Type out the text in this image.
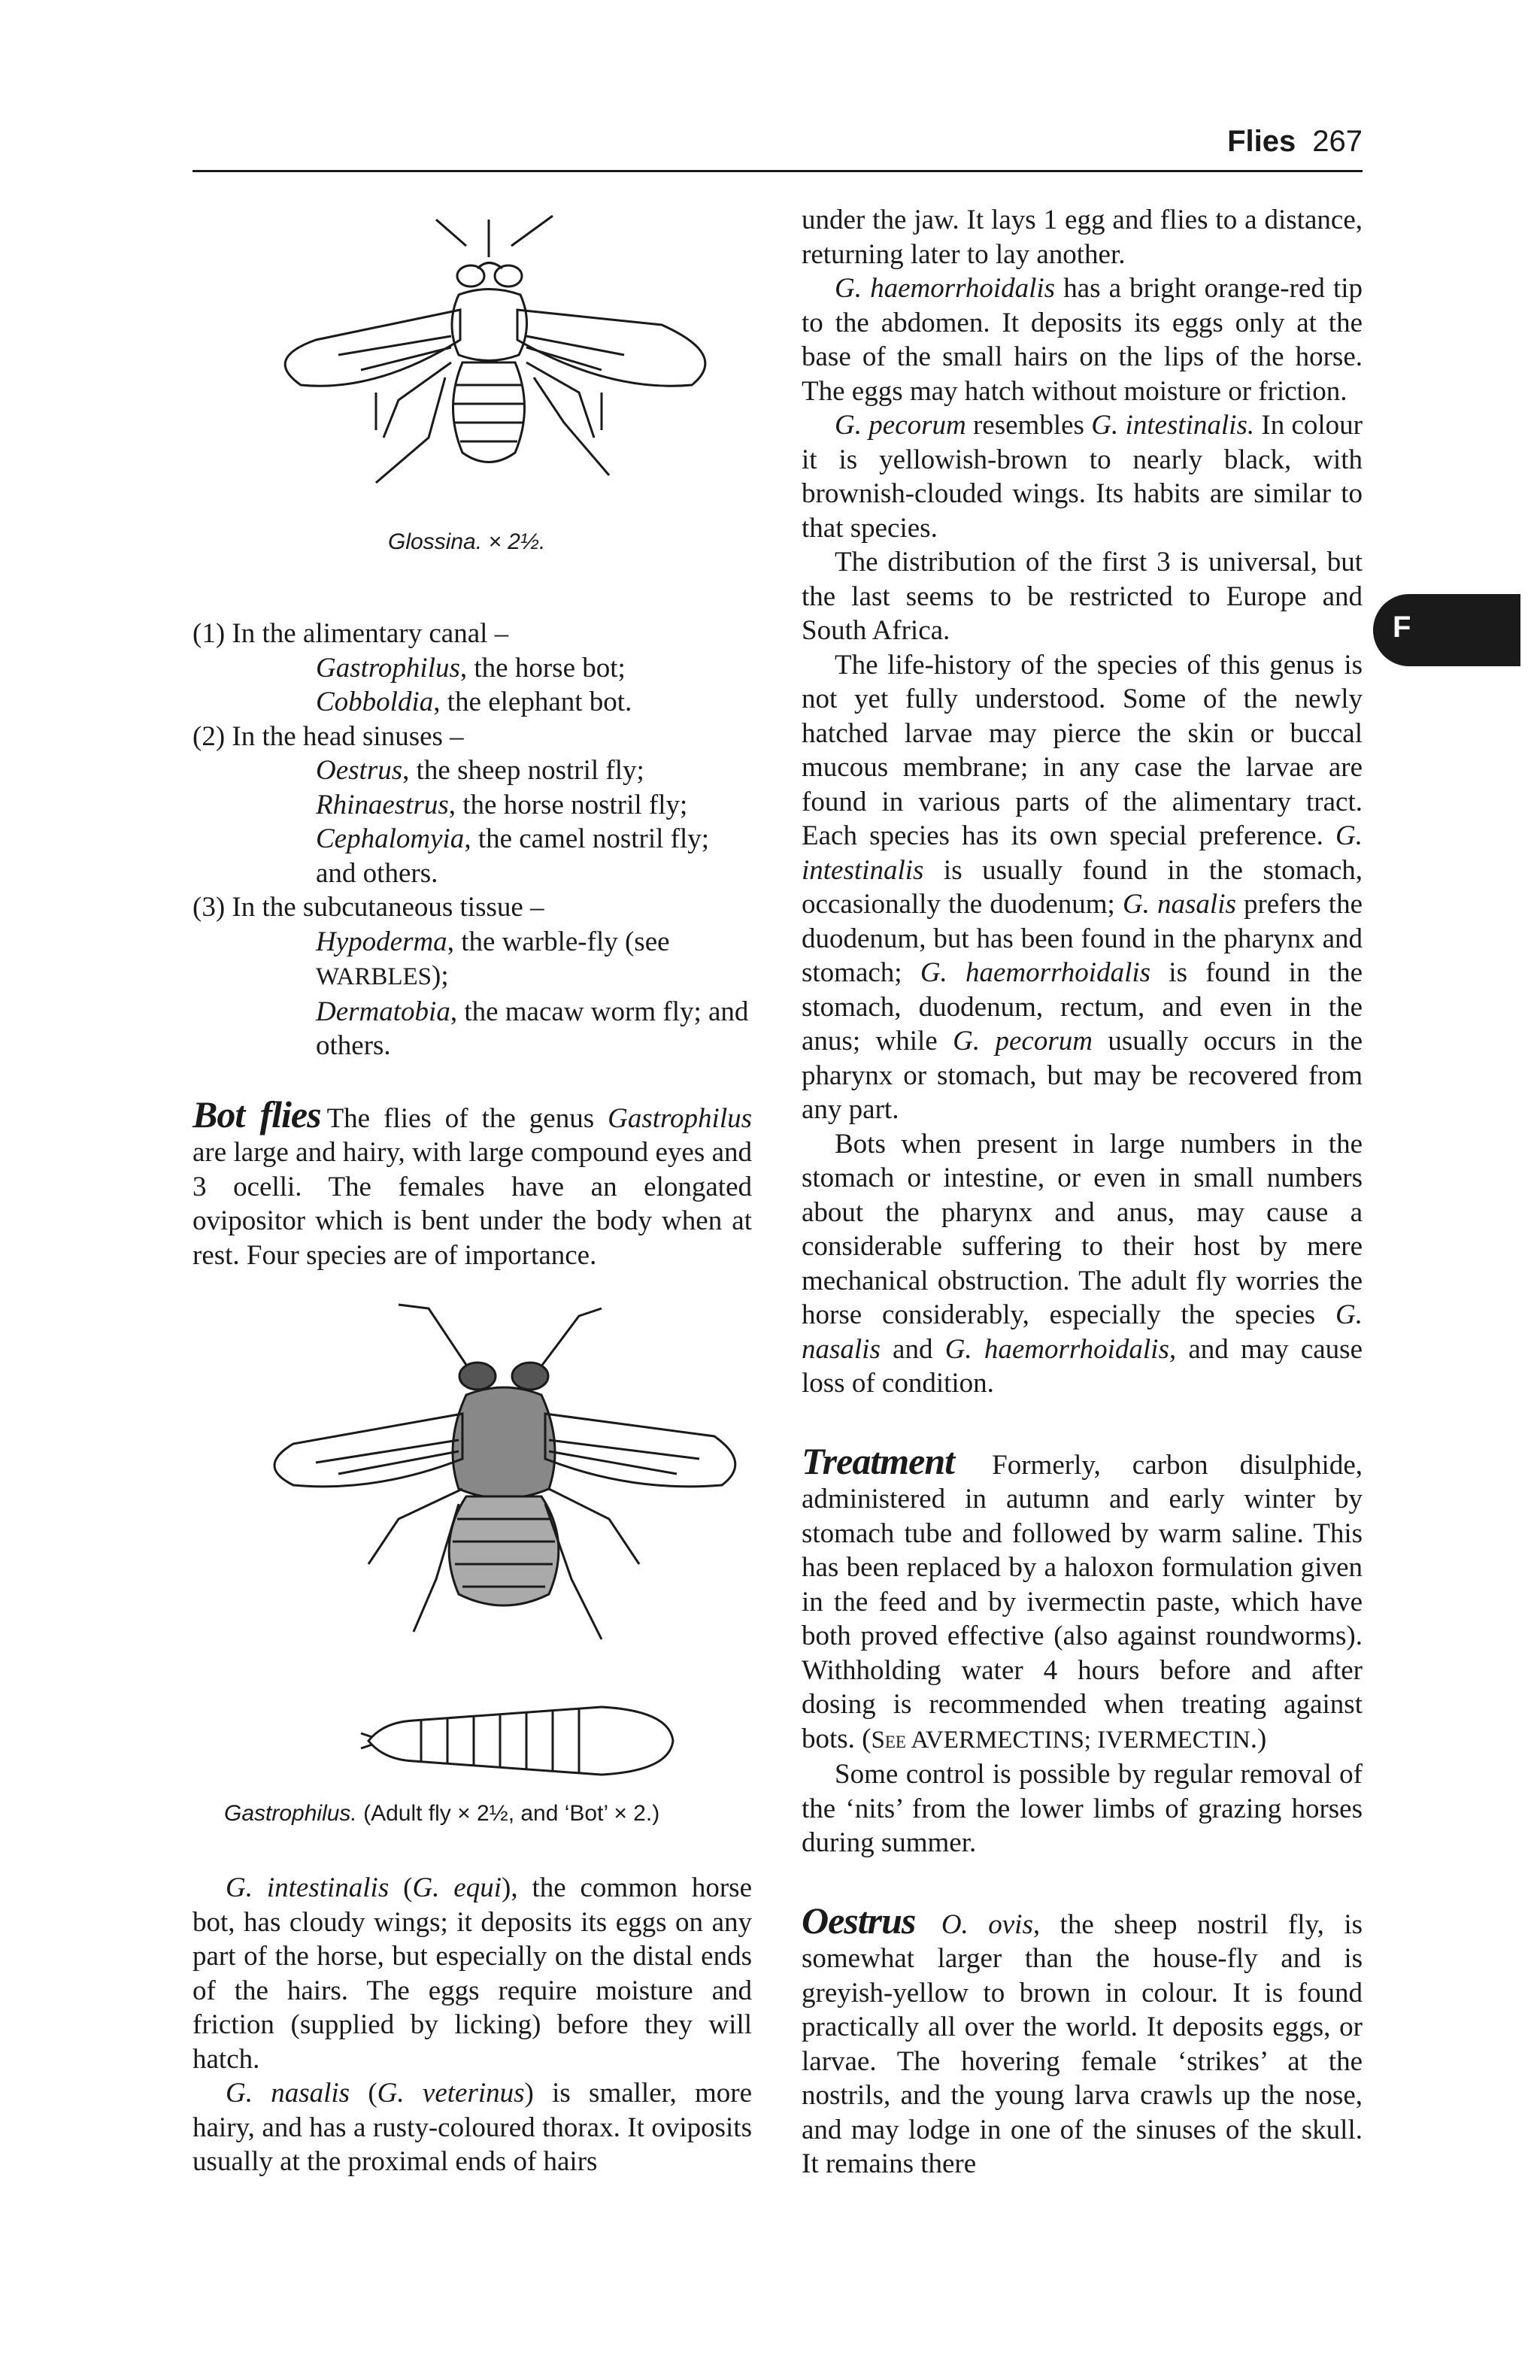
Flies 267
F
Glossina. × 2½.
Gastrophilus. (Adult fly × 2½, and ‘Bot’ × 2.)

(1) In the alimentary canal –

Gastrophilus, the horse bot;

Cobboldia, the elephant bot.

(2) In the head sinuses –

Oestrus, the sheep nostril fly;

Rhinaestrus, the horse nostril fly;

Cephalomyia, the camel nostril fly; and others.

(3) In the subcutaneous tissue –

Hypoderma, the warble-fly (see WARBLES);

Dermatobia, the macaw worm fly; and others.

Bot flies The flies of the genus Gastrophilus are large and hairy, with large compound eyes and 3 ocelli. The females have an elongated ovipositor which is bent under the body when at rest. Four species are of importance.

G. intestinalis (G. equi), the common horse bot, has cloudy wings; it deposits its eggs on any part of the horse, but especially on the distal ends of the hairs. The eggs require moisture and friction (supplied by licking) before they will hatch.

G. nasalis (G. veterinus) is smaller, more hairy, and has a rusty-coloured thorax. It oviposits usually at the proximal ends of hairs

under the jaw. It lays 1 egg and flies to a distance, returning later to lay another.

G. haemorrhoidalis has a bright orange-red tip to the abdomen. It deposits its eggs only at the base of the small hairs on the lips of the horse. The eggs may hatch without moisture or friction.

G. pecorum resembles G. intestinalis. In colour it is yellowish-brown to nearly black, with brownish-clouded wings. Its habits are similar to that species.

The distribution of the first 3 is universal, but the last seems to be restricted to Europe and South Africa.

The life-history of the species of this genus is not yet fully understood. Some of the newly hatched larvae may pierce the skin or buccal mucous membrane; in any case the larvae are found in various parts of the alimentary tract. Each species has its own special preference. G. intestinalis is usually found in the stomach, occasionally the duodenum; G. nasalis prefers the duodenum, but has been found in the pharynx and stomach; G. haemorrhoidalis is found in the stomach, duodenum, rectum, and even in the anus; while G. pecorum usually occurs in the pharynx or stomach, but may be recovered from any part.

Bots when present in large numbers in the stomach or intestine, or even in small numbers about the pharynx and anus, may cause a considerable suffering to their host by mere mechanical obstruction. The adult fly worries the horse considerably, especially the species G. nasalis and G. haemorrhoidalis, and may cause loss of condition.

Treatment Formerly, carbon disulphide, administered in autumn and early winter by stomach tube and followed by warm saline. This has been replaced by a haloxon formulation given in the feed and by ivermectin paste, which have both proved effective (also against roundworms). Withholding water 4 hours before and after dosing is recommended when treating against bots. (See AVERMECTINS; IVERMECTIN.)

Some control is possible by regular removal of the ‘nits’ from the lower limbs of grazing horses during summer.

Oestrus O. ovis, the sheep nostril fly, is somewhat larger than the house-fly and is greyish-yellow to brown in colour. It is found practically all over the world. It deposits eggs, or larvae. The hovering female ‘strikes’ at the nostrils, and the young larva crawls up the nose, and may lodge in one of the sinuses of the skull. It remains there
